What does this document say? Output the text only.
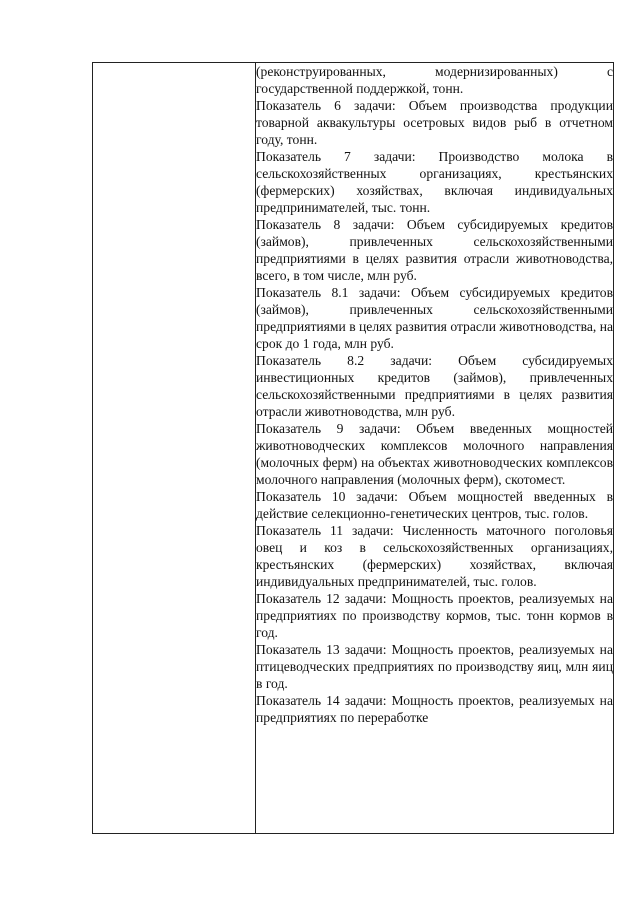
(реконструированных, модернизированных) с государственной поддержкой, тонн.

Показатель 6 задачи: Объем производства продукции товарной аквакультуры осетровых видов рыб в отчетном году, тонн.

Показатель 7 задачи: Производство молока в сельскохозяйственных организациях, крестьянских (фермерских) хозяйствах, включая индивидуальных предпринимателей, тыс. тонн.

Показатель 8 задачи: Объем субсидируемых кредитов (займов), привлеченных сельскохозяйственными предприятиями в целях развития отрасли животноводства, всего, в том числе, млн руб.

Показатель 8.1 задачи: Объем субсидируемых кредитов (займов), привлеченных сельскохозяйственными предприятиями в целях развития отрасли животноводства, на срок до 1 года, млн руб.

Показатель 8.2 задачи: Объем субсидируемых инвестиционных кредитов (займов), привлеченных сельскохозяйственными предприятиями в целях развития отрасли животноводства, млн руб.

Показатель 9 задачи: Объем введенных мощностей животноводческих комплексов молочного направления (молочных ферм) на объектах животноводческих комплексов молочного направления (молочных ферм), скотомест.

Показатель 10 задачи: Объем мощностей введенных в действие селекционно-генетических центров, тыс. голов.

Показатель 11 задачи: Численность маточного поголовья овец и коз в сельскохозяйственных организациях, крестьянских (фермерских) хозяйствах, включая индивидуальных предпринимателей, тыс. голов.

Показатель 12 задачи: Мощность проектов, реализуемых на предприятиях по производству кормов, тыс. тонн кормов в год.

Показатель 13 задачи: Мощность проектов, реализуемых на птицеводческих предприятиях по производству яиц, млн яиц в год.

Показатель 14 задачи: Мощность проектов, реализуемых на предприятиях по переработке
